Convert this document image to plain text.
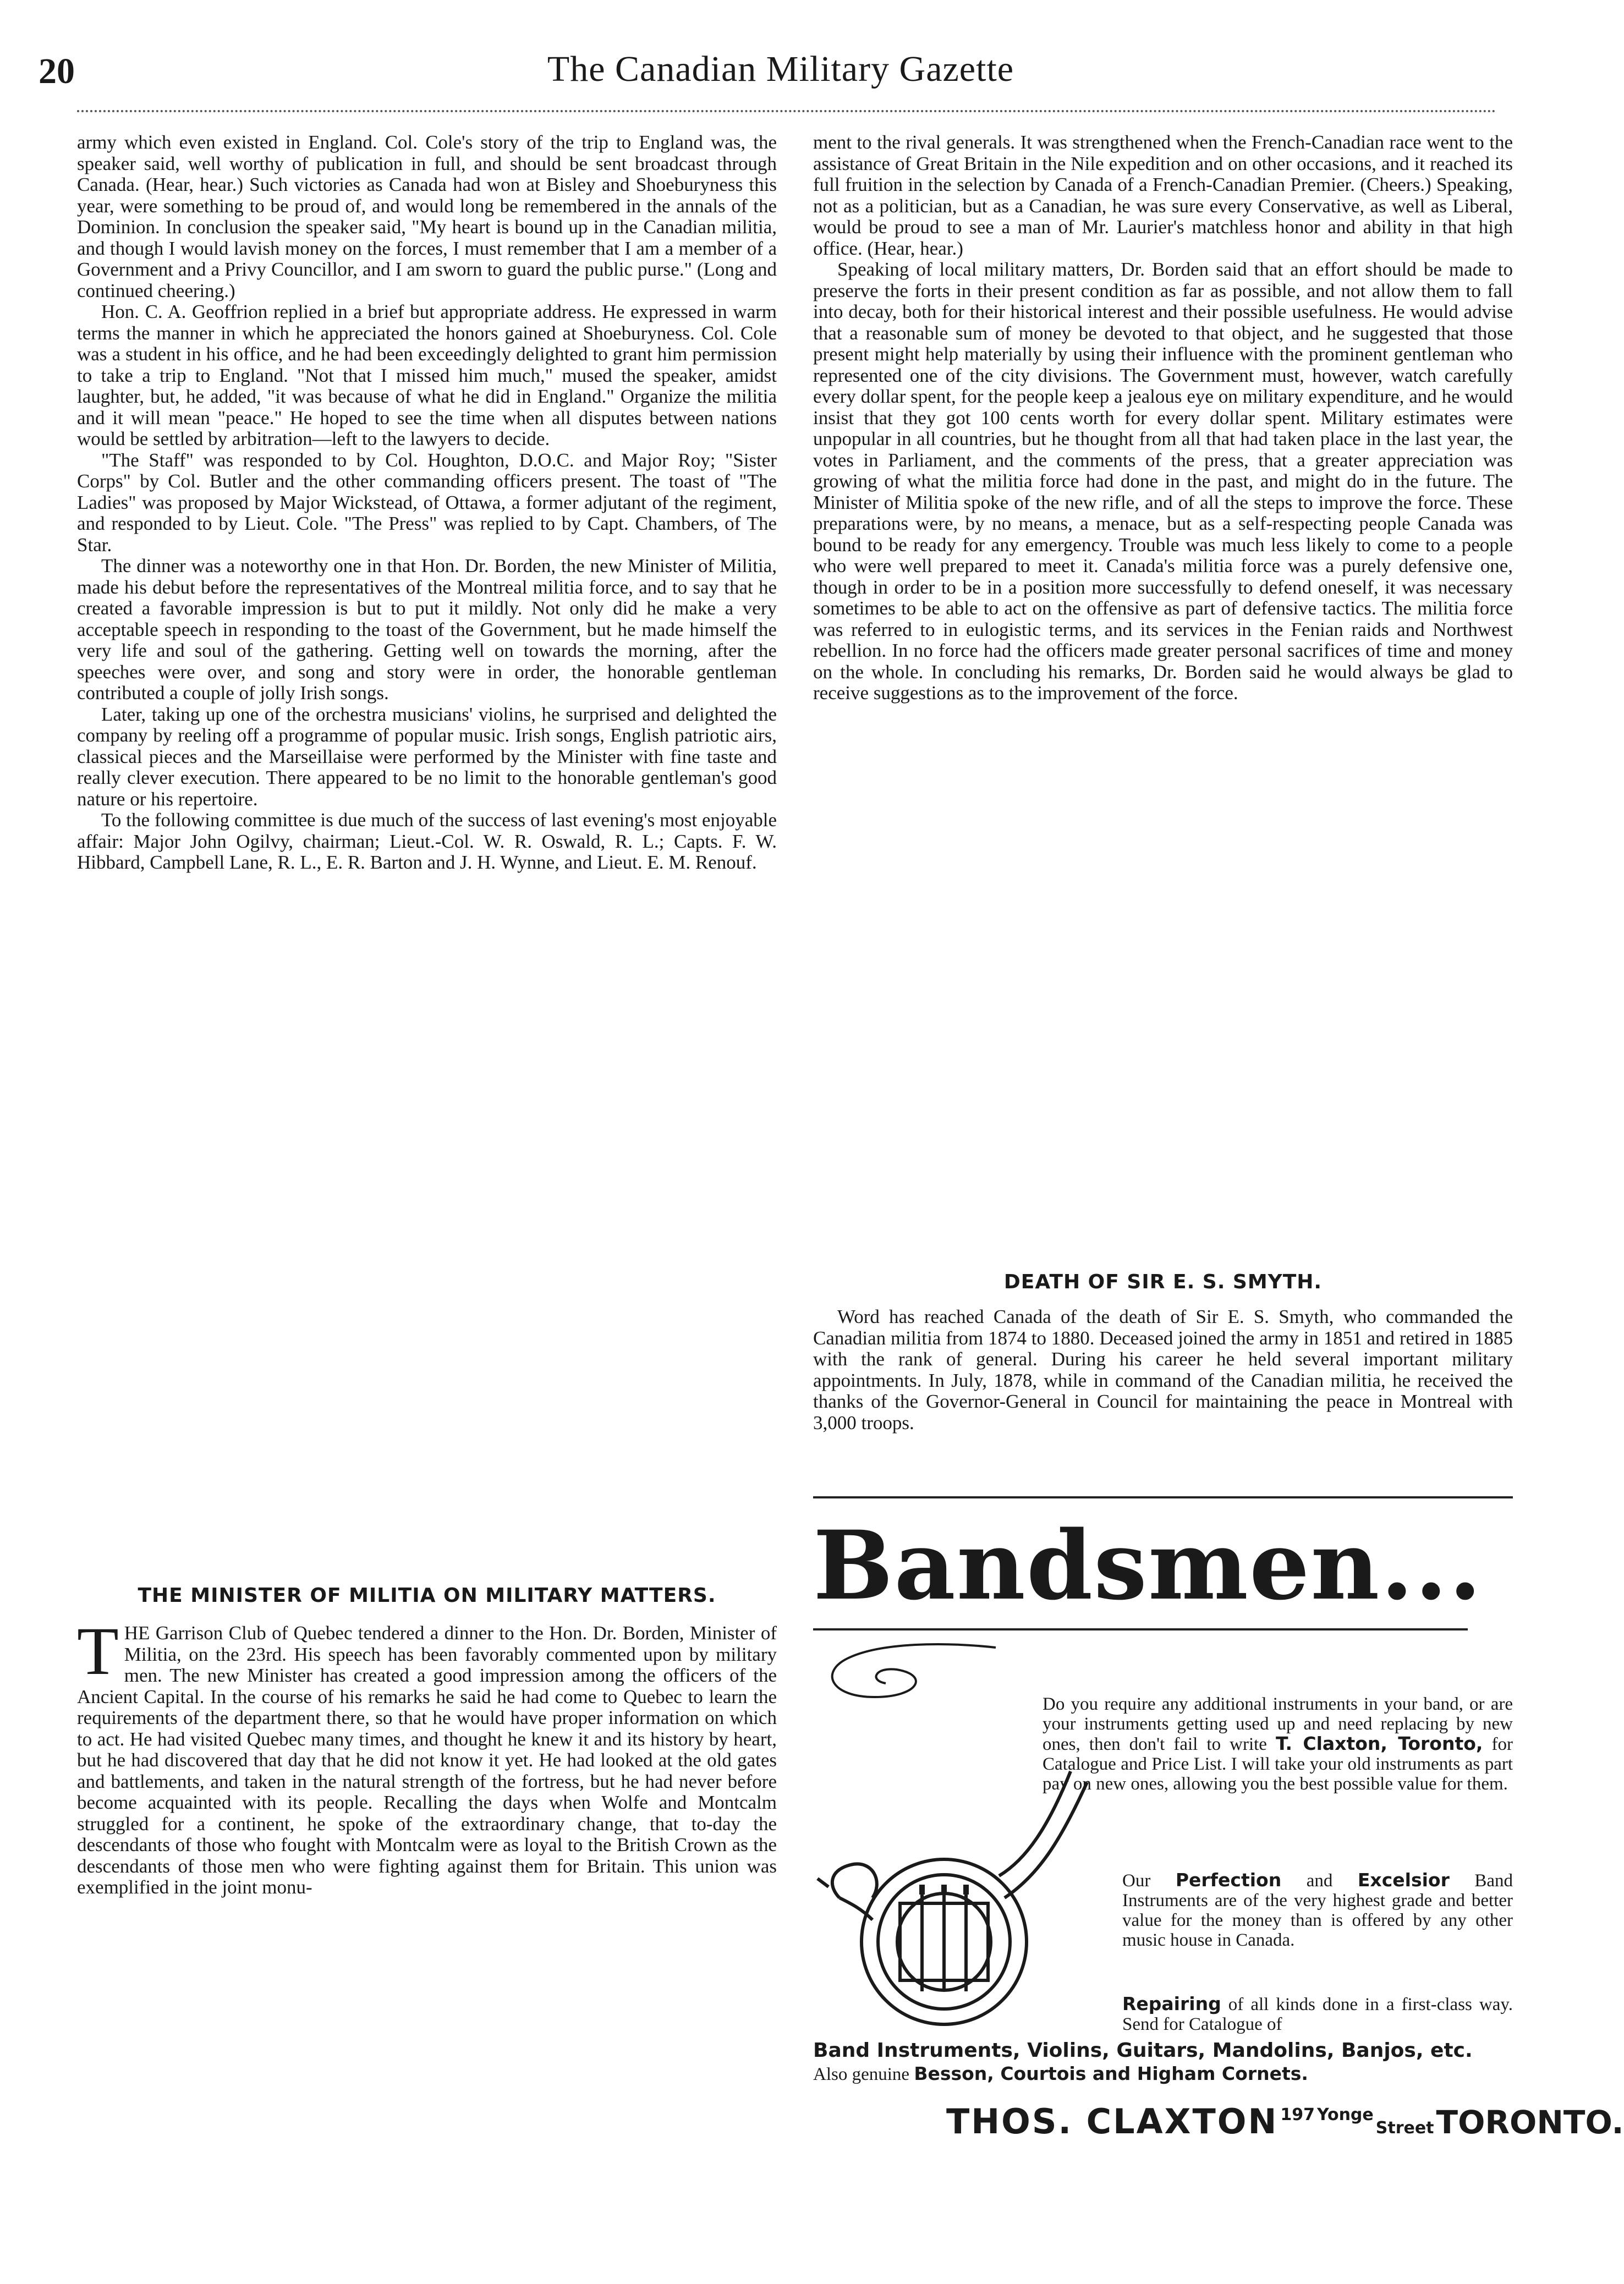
20	The Canadian Military Gazette

army which even existed in England. Col. Cole's story of the trip to England was, the speaker said, well worthy of publication in full, and should be sent broadcast through Canada. (Hear, hear.) Such victories as Canada had won at Bisley and Shoeburyness this year, were something to be proud of, and would long be remembered in the annals of the Dominion. In conclusion the speaker said, "My heart is bound up in the Canadian militia, and though I would lavish money on the forces, I must remember that I am a member of a Government and a Privy Councillor, and I am sworn to guard the public purse." (Long and continued cheering.)

Hon. C. A. Geoffrion replied in a brief but appropriate address. He expressed in warm terms the manner in which he appreciated the honors gained at Shoeburyness. Col. Cole was a student in his office, and he had been exceedingly delighted to grant him permission to take a trip to England. "Not that I missed him much," mused the speaker, amidst laughter, but, he added, "it was because of what he did in England." Organize the militia and it will mean "peace." He hoped to see the time when all disputes between nations would be settled by arbitration—left to the lawyers to decide.

"The Staff" was responded to by Col. Houghton, D.O.C. and Major Roy; "Sister Corps" by Col. Butler and the other commanding officers present. The toast of "The Ladies" was proposed by Major Wickstead, of Ottawa, a former adjutant of the regiment, and responded to by Lieut. Cole. "The Press" was replied to by Capt. Chambers, of The Star.

The dinner was a noteworthy one in that Hon. Dr. Borden, the new Minister of Militia, made his debut before the representatives of the Montreal militia force, and to say that he created a favorable impression is but to put it mildly. Not only did he make a very acceptable speech in responding to the toast of the Government, but he made himself the very life and soul of the gathering. Getting well on towards the morning, after the speeches were over, and song and story were in order, the honorable gentleman contributed a couple of jolly Irish songs.

Later, taking up one of the orchestra musicians' violins, he surprised and delighted the company by reeling off a programme of popular music. Irish songs, English patriotic airs, classical pieces and the Marseillaise were performed by the Minister with fine taste and really clever execution. There appeared to be no limit to the honorable gentleman's good nature or his repertoire.

To the following committee is due much of the success of last evening's most enjoyable affair: Major John Ogilvy, chairman; Lieut.-Col. W. R. Oswald, R. L.; Capts. F. W. Hibbard, Campbell Lane, R. L., E. R. Barton and J. H. Wynne, and Lieut. E. M. Renouf.

THE MINISTER OF MILITIA ON MILITARY MATTERS.
T HE Garrison Club of Quebec tendered a dinner to the Hon. Dr. Borden, Minister of Militia, on the 23rd. His speech has been favorably commented upon by military men. The new Minister has created a good impression among the officers of the Ancient Capital. In the course of his remarks he said he had come to Quebec to learn the requirements of the department there, so that he would have proper information on which to act. He had visited Quebec many times, and thought he knew it and its history by heart, but he had discovered that day that he did not know it yet. He had looked at the old gates and battlements, and taken in the natural strength of the fortress, but he had never before become acquainted with its people. Recalling the days when Wolfe and Montcalm struggled for a continent, he spoke of the extraordinary change, that to-day the descendants of those who fought with Montcalm were as loyal to the British Crown as the descendants of those men who were fighting against them for Britain. This union was exemplified in the joint monu-

ment to the rival generals. It was strengthened when the French-Canadian race went to the assistance of Great Britain in the Nile expedition and on other occasions, and it reached its full fruition in the selection by Canada of a French-Canadian Premier. (Cheers.) Speaking, not as a politician, but as a Canadian, he was sure every Conservative, as well as Liberal, would be proud to see a man of Mr. Laurier's matchless honor and ability in that high office. (Hear, hear.)

Speaking of local military matters, Dr. Borden said that an effort should be made to preserve the forts in their present condition as far as possible, and not allow them to fall into decay, both for their historical interest and their possible usefulness. He would advise that a reasonable sum of money be devoted to that object, and he suggested that those present might help materially by using their influence with the prominent gentleman who represented one of the city divisions. The Government must, however, watch carefully every dollar spent, for the people keep a jealous eye on military expenditure, and he would insist that they got 100 cents worth for every dollar spent. Military estimates were unpopular in all countries, but he thought from all that had taken place in the last year, the votes in Parliament, and the comments of the press, that a greater appreciation was growing of what the militia force had done in the past, and might do in the future. The Minister of Militia spoke of the new rifle, and of all the steps to improve the force. These preparations were, by no means, a menace, but as a self-respecting people Canada was bound to be ready for any emergency. Trouble was much less likely to come to a people who were well prepared to meet it. Canada's militia force was a purely defensive one, though in order to be in a position more successfully to defend oneself, it was necessary sometimes to be able to act on the offensive as part of defensive tactics. The militia force was referred to in eulogistic terms, and its services in the Fenian raids and Northwest rebellion. In no force had the officers made greater personal sacrifices of time and money on the whole. In concluding his remarks, Dr. Borden said he would always be glad to receive suggestions as to the improvement of the force.

DEATH OF SIR E. S. SMYTH.

Word has reached Canada of the death of Sir E. S. Smyth, who commanded the Canadian militia from 1874 to 1880. Deceased joined the army in 1851 and retired in 1885 with the rank of general. During his career he held several important military appointments. In July, 1878, while in command of the Canadian militia, he received the thanks of the Governor-General in Council for maintaining the peace in Montreal with 3,000 troops.

Bandsmen...

Do you require any additional instruments in your band, or are your instruments getting used up and need replacing by new ones, then don't fail to write T. Claxton, Toronto, for Catalogue and Price List. I will take your old instruments as part pay on new ones, allowing you the best possible value for them.

Our Perfection and Excelsior Band Instruments are of the very highest grade and better value for the money than is offered by any other music house in Canada.

Repairing of all kinds done in a first-class way. Send for Catalogue of

Band Instruments, Violins, Guitars, Mandolins, Banjos, etc.
Also genuine Besson, Courtois and Higham Cornets.
THOS. CLAXTON 197 Yonge Street TORONTO.
